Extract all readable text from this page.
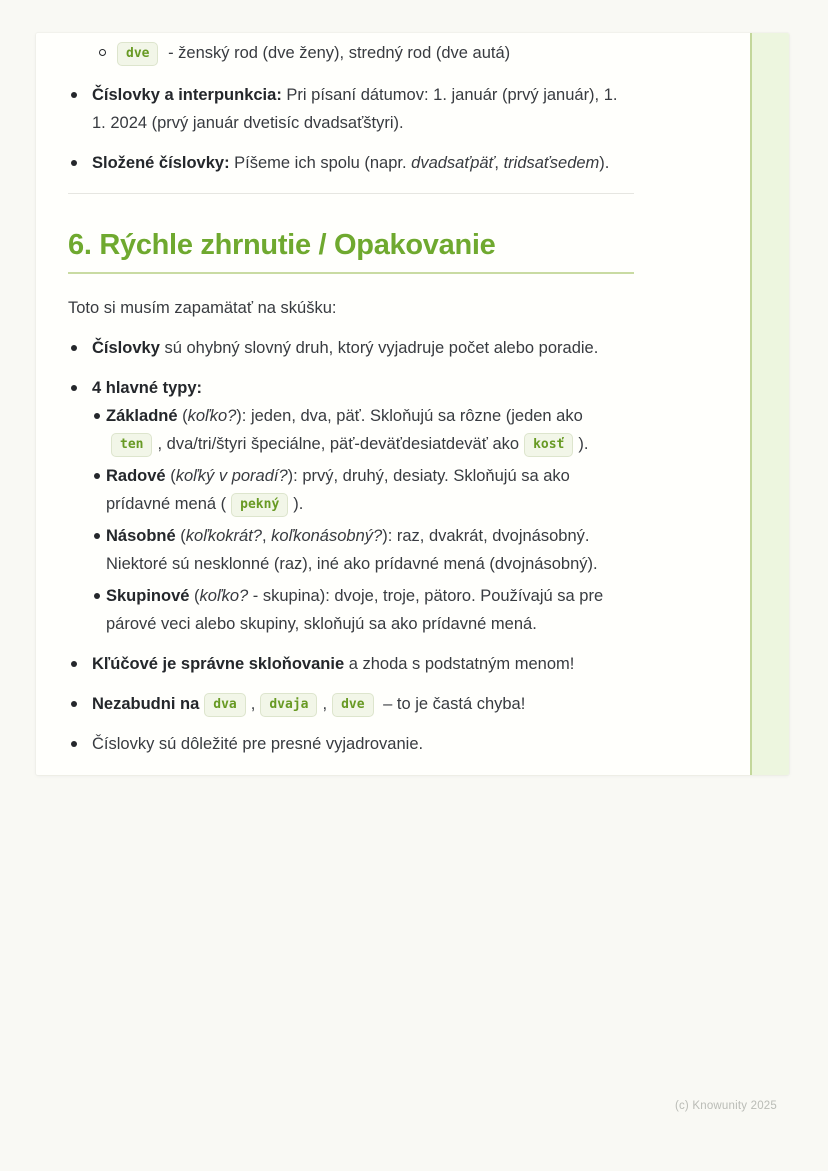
dve - ženský rod (dve ženy), stredný rod (dve autá)
Číslovky a interpunkcia: Pri písaní dátumov: 1. január (prvý január), 1. 1. 2024 (prvý január dvetisíc dvadsaťštyri).
Složené číslovky: Píšeme ich spolu (napr. dvadsaťpäť, tridsaťsedem).
6. Rýchle zhrnutie / Opakovanie

Toto si musím zapamätať na skúšku:

Číslovky sú ohybný slovný druh, ktorý vyjadruje počet alebo poradie.
4 hlavné typy:
Základné (koľko?): jeden, dva, päť. Skloňujú sa rôzne (jeden akoten , dva/tri/štyri špeciálne, päť-deväťdesiatdeväť ako kosť ).
Radové (koľký v poradí?): prvý, druhý, desiaty. Skloňujú sa ako prídavné mená ( pekný ).
Násobné (koľkokrát?, koľkonásobný?): raz, dvakrát, dvojnásobný. Niektoré sú nesklonné (raz), iné ako prídavné mená (dvojnásobný).
Skupinové (koľko? - skupina): dvoje, troje, pätoro. Používajú sa pre párové veci alebo skupiny, skloňujú sa ako prídavné mená.
Kľúčové je správne skloňovanie a zhoda s podstatným menom!
Nezabudni na dva , dvaja , dve – to je častá chyba!
Číslovky sú dôležité pre presné vyjadrovanie.
(c) Knowunity 2025
